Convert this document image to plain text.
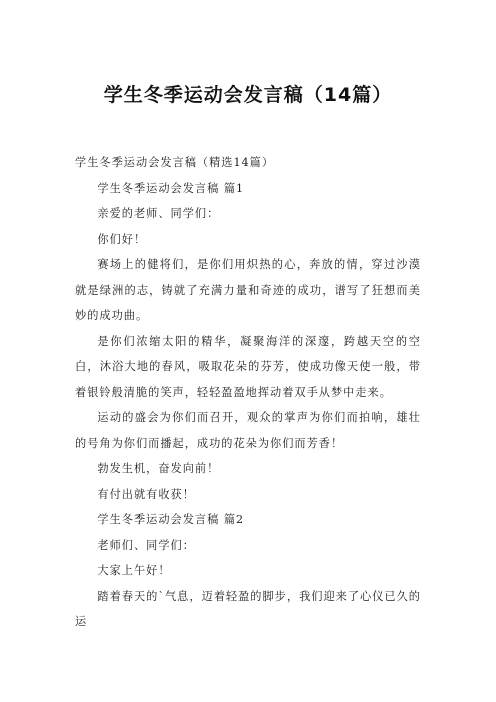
学生冬季运动会发言稿（14篇）

学生冬季运动会发言稿（精选14篇）

学生冬季运动会发言稿 篇1

亲爱的老师、同学们：

你们好！

赛场上的健将们，是你们用炽热的心，奔放的情，穿过沙漠就是绿洲的志，铸就了充满力量和奇迹的成功，谱写了狂想而美妙的成功曲。

是你们浓缩太阳的精华，凝聚海洋的深邃，跨越天空的空白，沐浴大地的春风，吸取花朵的芬芳，使成功像天使一般，带着银铃般清脆的笑声，轻轻盈盈地挥动着双手从梦中走来。

运动的盛会为你们而召开，观众的掌声为你们而拍响，雄壮的号角为你们而播起，成功的花朵为你们而芳香！

勃发生机，奋发向前！

有付出就有收获！

学生冬季运动会发言稿 篇2

老师们、同学们：

大家上午好！

踏着春天的`气息，迈着轻盈的脚步，我们迎来了心仪已久的运
